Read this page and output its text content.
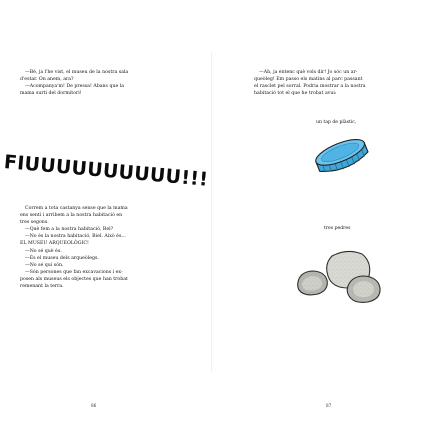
—Bé, ja l'he vist, el museu de la nostra sala
d'estar. On anem, ara?
—Acompanya'm! De pressa! Abans que la
mama surti del dormitori!
FIUUUUUUUUUU!!!
Correm a tota castanya sense que la mama
ens senti i arribem a la nostra habitació en
tres segons.
—Què fem a la nostra habitació, Bel?
—No és la nostra habitació, Biel. Això és...
EL MUSEU ARQUEOLÒGIC!
—No sé què és.
—És el museu dels arqueòlegs.
—No sé qui són.
—Són persones que fan excavacions i ex-
posen als museus els objectes que han trobat
remenant la terra.
86
—Ah, ja entenc què vols dir! Jo sóc un ar-
queòleg! Em passo els matins al parc passant
el rasclet pel sorral. Podria mostrar a la nostra
habitació tot el que he trobat avui:
un tap de plàstic,
tres pedres
87
